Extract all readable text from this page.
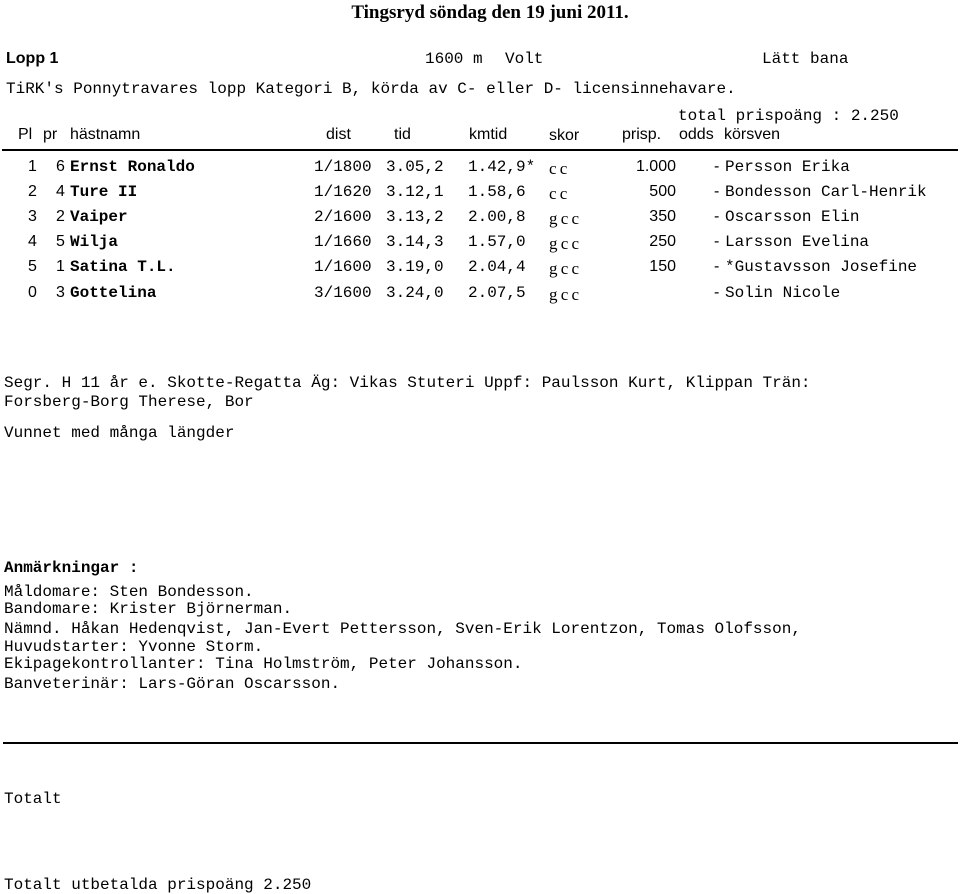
Tingsryd söndag den 19 juni 2011.
Lopp 1	1600 m Volt	Lätt bana
TiRK's Ponnytravares lopp Kategori B, körda av C- eller D- licensinnehavare.
total prispoäng : 2.250
Pl pr hästnamn	dist	tid	kmtid	skor	prisp. odds körsven
1 6 Ernst Ronaldo	1/1800 3.05,2 1.42,9* c c	1.000 - Persson Erika
2 4 Ture II	1/1620 3.12,1 1.58,6 c c	500 - Bondesson Carl-Henrik
3 2 Vaiper	2/1600 3.13,2 2.00,8 g c c	350 - Oscarsson Elin
4 5 Wilja	1/1660 3.14,3 1.57,0 g c c	250 - Larsson Evelina
5 1 Satina T.L.	1/1600 3.19,0 2.04,4 g c c	150 - *Gustavsson Josefine
0 3 Gottelina	3/1600 3.24,0 2.07,5 g c c	- Solin Nicole
Segr. H 11 år e. Skotte-Regatta Äg: Vikas Stuteri Uppf: Paulsson Kurt, Klippan Trän:
Forsberg-Borg Therese, Bor
Vunnet med många längder
Anmärkningar :
Måldomare: Sten Bondesson.
Bandomare: Krister Björnerman.
Nämnd. Håkan Hedenqvist, Jan-Evert Pettersson, Sven-Erik Lorentzon, Tomas Olofsson,
Huvudstarter: Yvonne Storm.
Ekipagekontrollanter: Tina Holmström, Peter Johansson.
Banveterinär: Lars-Göran Oscarsson.
Totalt
Totalt utbetalda prispoäng 2.250
